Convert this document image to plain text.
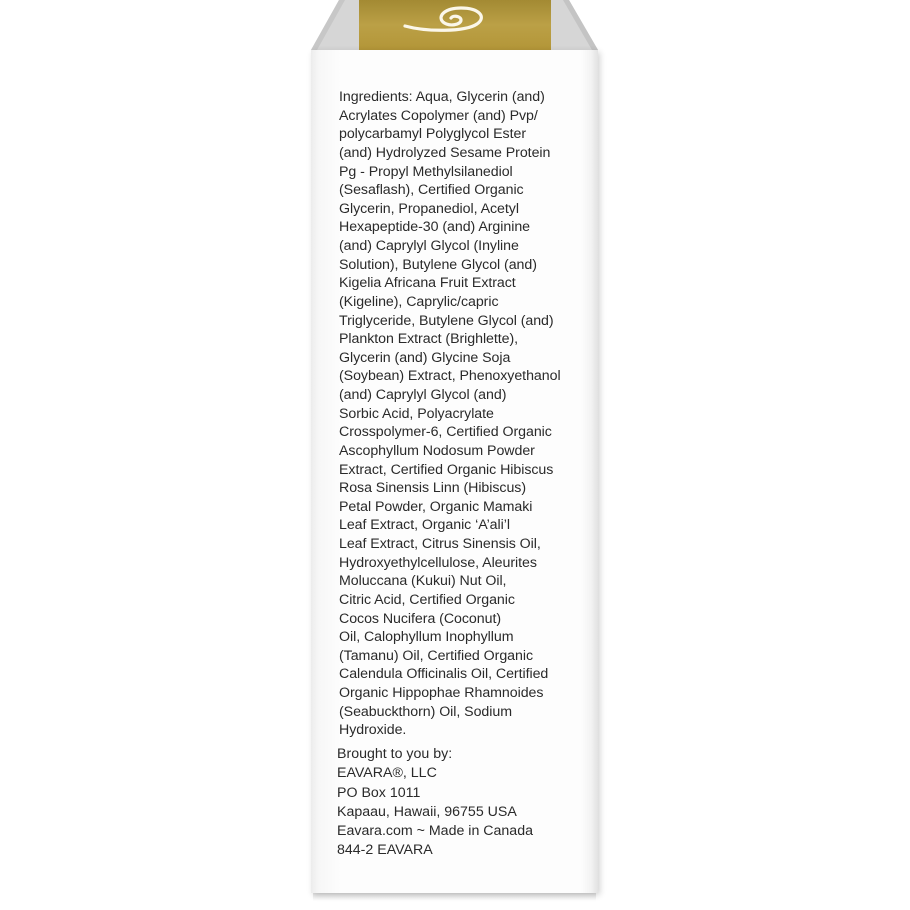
Ingredients: Aqua, Glycerin (and)
Acrylates Copolymer (and) Pvp/
polycarbamyl Polyglycol Ester
(and) Hydrolyzed Sesame Protein
Pg - Propyl Methylsilanediol
(Sesaflash), Certified Organic
Glycerin, Propanediol, Acetyl
Hexapeptide-30 (and) Arginine
(and) Caprylyl Glycol (Inyline
Solution), Butylene Glycol (and)
Kigelia Africana Fruit Extract
(Kigeline), Caprylic/capric
Triglyceride, Butylene Glycol (and)
Plankton Extract (Brighlette),
Glycerin (and) Glycine Soja
(Soybean) Extract, Phenoxyethanol
(and) Caprylyl Glycol (and)
Sorbic Acid, Polyacrylate
Crosspolymer-6, Certified Organic
Ascophyllum Nodosum Powder
Extract, Certified Organic Hibiscus
Rosa Sinensis Linn (Hibiscus)
Petal Powder, Organic Mamaki
Leaf Extract, Organic ‘A’ali’l
Leaf Extract, Citrus Sinensis Oil,
Hydroxyethylcellulose, Aleurites
Moluccana (Kukui) Nut Oil,
Citric Acid, Certified Organic
Cocos Nucifera (Coconut)
Oil, Calophyllum Inophyllum
(Tamanu) Oil, Certified Organic
Calendula Officinalis Oil, Certified
Organic Hippophae Rhamnoides
(Seabuckthorn) Oil, Sodium
Hydroxide.
Brought to you by:
EAVARA®, LLC
PO Box 1011
Kapaau, Hawaii, 96755 USA
Eavara.com ~ Made in Canada
844-2 EAVARA
